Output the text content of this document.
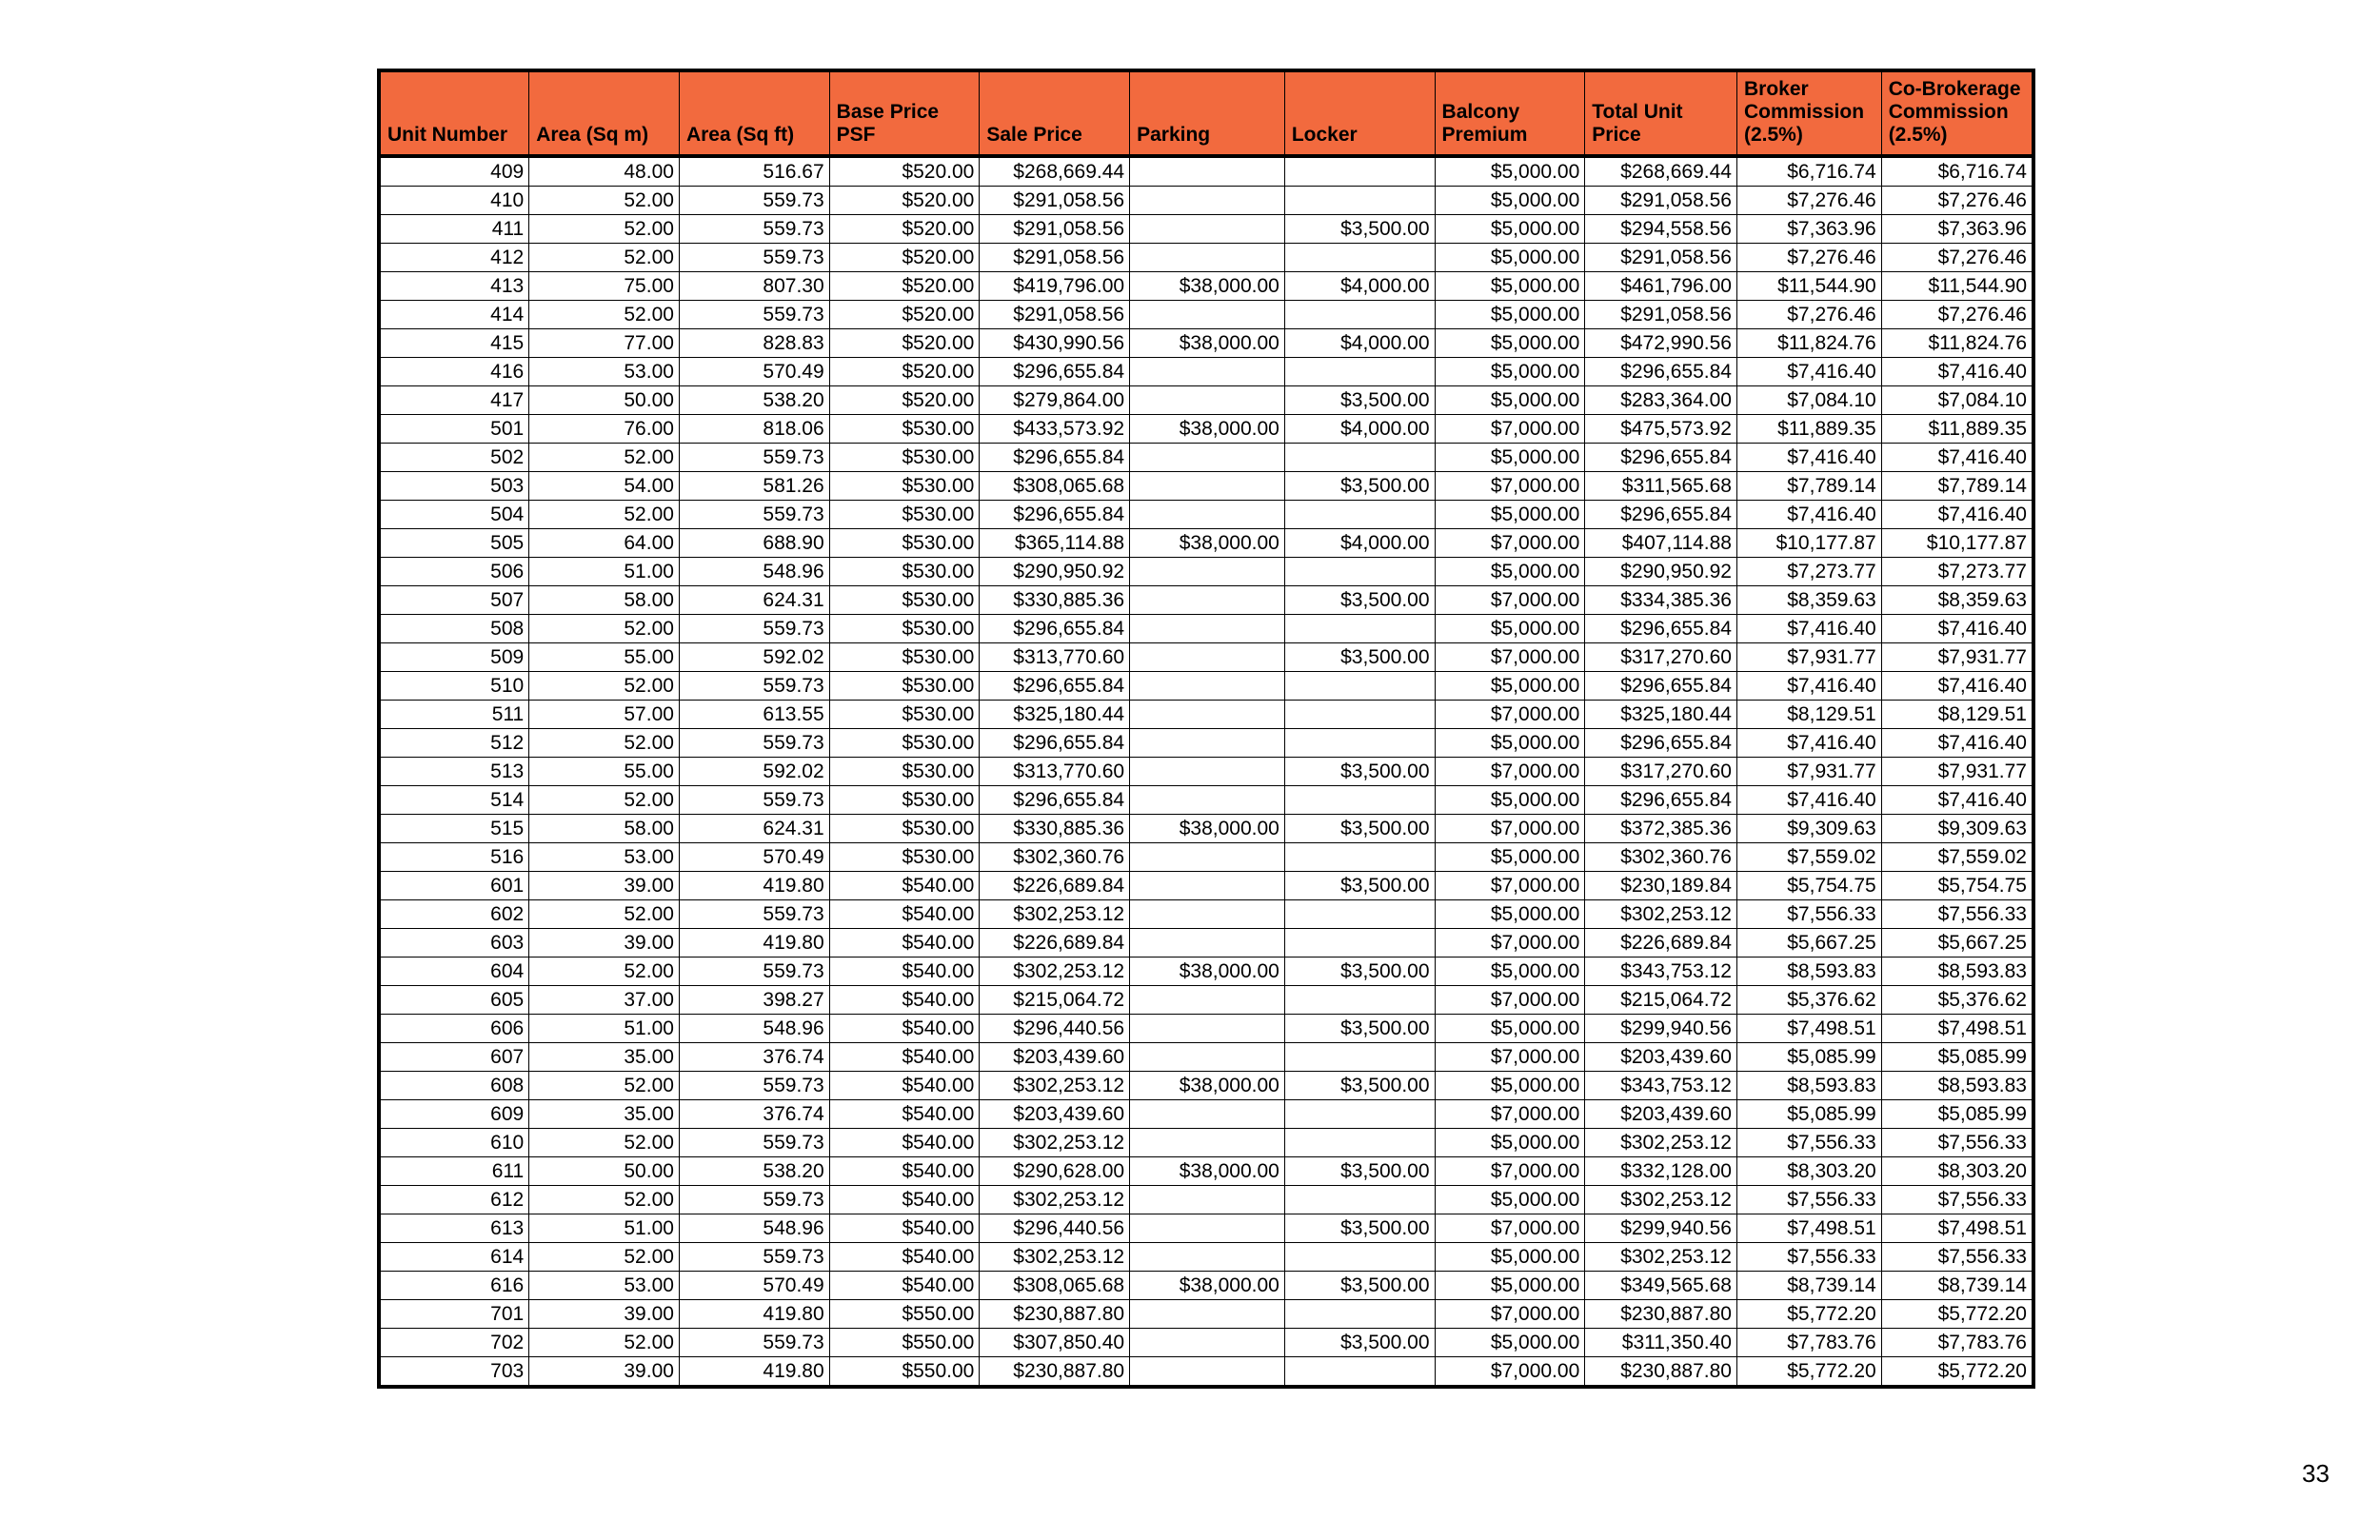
Unit Number	Area (Sq m)	Area (Sq ft)	Base Price PSF	Sale Price	Parking	Locker	Balcony Premium	Total Unit Price	Broker Commission (2.5%)	Co-Brokerage Commission (2.5%)
409	48.00	516.67	$520.00	$268,669.44			$5,000.00	$268,669.44	$6,716.74	$6,716.74
410	52.00	559.73	$520.00	$291,058.56			$5,000.00	$291,058.56	$7,276.46	$7,276.46
411	52.00	559.73	$520.00	$291,058.56		$3,500.00	$5,000.00	$294,558.56	$7,363.96	$7,363.96
412	52.00	559.73	$520.00	$291,058.56			$5,000.00	$291,058.56	$7,276.46	$7,276.46
413	75.00	807.30	$520.00	$419,796.00	$38,000.00	$4,000.00	$5,000.00	$461,796.00	$11,544.90	$11,544.90
414	52.00	559.73	$520.00	$291,058.56			$5,000.00	$291,058.56	$7,276.46	$7,276.46
415	77.00	828.83	$520.00	$430,990.56	$38,000.00	$4,000.00	$5,000.00	$472,990.56	$11,824.76	$11,824.76
416	53.00	570.49	$520.00	$296,655.84			$5,000.00	$296,655.84	$7,416.40	$7,416.40
417	50.00	538.20	$520.00	$279,864.00		$3,500.00	$5,000.00	$283,364.00	$7,084.10	$7,084.10
501	76.00	818.06	$530.00	$433,573.92	$38,000.00	$4,000.00	$7,000.00	$475,573.92	$11,889.35	$11,889.35
502	52.00	559.73	$530.00	$296,655.84			$5,000.00	$296,655.84	$7,416.40	$7,416.40
503	54.00	581.26	$530.00	$308,065.68		$3,500.00	$7,000.00	$311,565.68	$7,789.14	$7,789.14
504	52.00	559.73	$530.00	$296,655.84			$5,000.00	$296,655.84	$7,416.40	$7,416.40
505	64.00	688.90	$530.00	$365,114.88	$38,000.00	$4,000.00	$7,000.00	$407,114.88	$10,177.87	$10,177.87
506	51.00	548.96	$530.00	$290,950.92			$5,000.00	$290,950.92	$7,273.77	$7,273.77
507	58.00	624.31	$530.00	$330,885.36		$3,500.00	$7,000.00	$334,385.36	$8,359.63	$8,359.63
508	52.00	559.73	$530.00	$296,655.84			$5,000.00	$296,655.84	$7,416.40	$7,416.40
509	55.00	592.02	$530.00	$313,770.60		$3,500.00	$7,000.00	$317,270.60	$7,931.77	$7,931.77
510	52.00	559.73	$530.00	$296,655.84			$5,000.00	$296,655.84	$7,416.40	$7,416.40
511	57.00	613.55	$530.00	$325,180.44			$7,000.00	$325,180.44	$8,129.51	$8,129.51
512	52.00	559.73	$530.00	$296,655.84			$5,000.00	$296,655.84	$7,416.40	$7,416.40
513	55.00	592.02	$530.00	$313,770.60		$3,500.00	$7,000.00	$317,270.60	$7,931.77	$7,931.77
514	52.00	559.73	$530.00	$296,655.84			$5,000.00	$296,655.84	$7,416.40	$7,416.40
515	58.00	624.31	$530.00	$330,885.36	$38,000.00	$3,500.00	$7,000.00	$372,385.36	$9,309.63	$9,309.63
516	53.00	570.49	$530.00	$302,360.76			$5,000.00	$302,360.76	$7,559.02	$7,559.02
601	39.00	419.80	$540.00	$226,689.84		$3,500.00	$7,000.00	$230,189.84	$5,754.75	$5,754.75
602	52.00	559.73	$540.00	$302,253.12			$5,000.00	$302,253.12	$7,556.33	$7,556.33
603	39.00	419.80	$540.00	$226,689.84			$7,000.00	$226,689.84	$5,667.25	$5,667.25
604	52.00	559.73	$540.00	$302,253.12	$38,000.00	$3,500.00	$5,000.00	$343,753.12	$8,593.83	$8,593.83
605	37.00	398.27	$540.00	$215,064.72			$7,000.00	$215,064.72	$5,376.62	$5,376.62
606	51.00	548.96	$540.00	$296,440.56		$3,500.00	$5,000.00	$299,940.56	$7,498.51	$7,498.51
607	35.00	376.74	$540.00	$203,439.60			$7,000.00	$203,439.60	$5,085.99	$5,085.99
608	52.00	559.73	$540.00	$302,253.12	$38,000.00	$3,500.00	$5,000.00	$343,753.12	$8,593.83	$8,593.83
609	35.00	376.74	$540.00	$203,439.60			$7,000.00	$203,439.60	$5,085.99	$5,085.99
610	52.00	559.73	$540.00	$302,253.12			$5,000.00	$302,253.12	$7,556.33	$7,556.33
611	50.00	538.20	$540.00	$290,628.00	$38,000.00	$3,500.00	$7,000.00	$332,128.00	$8,303.20	$8,303.20
612	52.00	559.73	$540.00	$302,253.12			$5,000.00	$302,253.12	$7,556.33	$7,556.33
613	51.00	548.96	$540.00	$296,440.56		$3,500.00	$7,000.00	$299,940.56	$7,498.51	$7,498.51
614	52.00	559.73	$540.00	$302,253.12			$5,000.00	$302,253.12	$7,556.33	$7,556.33
616	53.00	570.49	$540.00	$308,065.68	$38,000.00	$3,500.00	$5,000.00	$349,565.68	$8,739.14	$8,739.14
701	39.00	419.80	$550.00	$230,887.80			$7,000.00	$230,887.80	$5,772.20	$5,772.20
702	52.00	559.73	$550.00	$307,850.40		$3,500.00	$5,000.00	$311,350.40	$7,783.76	$7,783.76
703	39.00	419.80	$550.00	$230,887.80			$7,000.00	$230,887.80	$5,772.20	$5,772.20
33
